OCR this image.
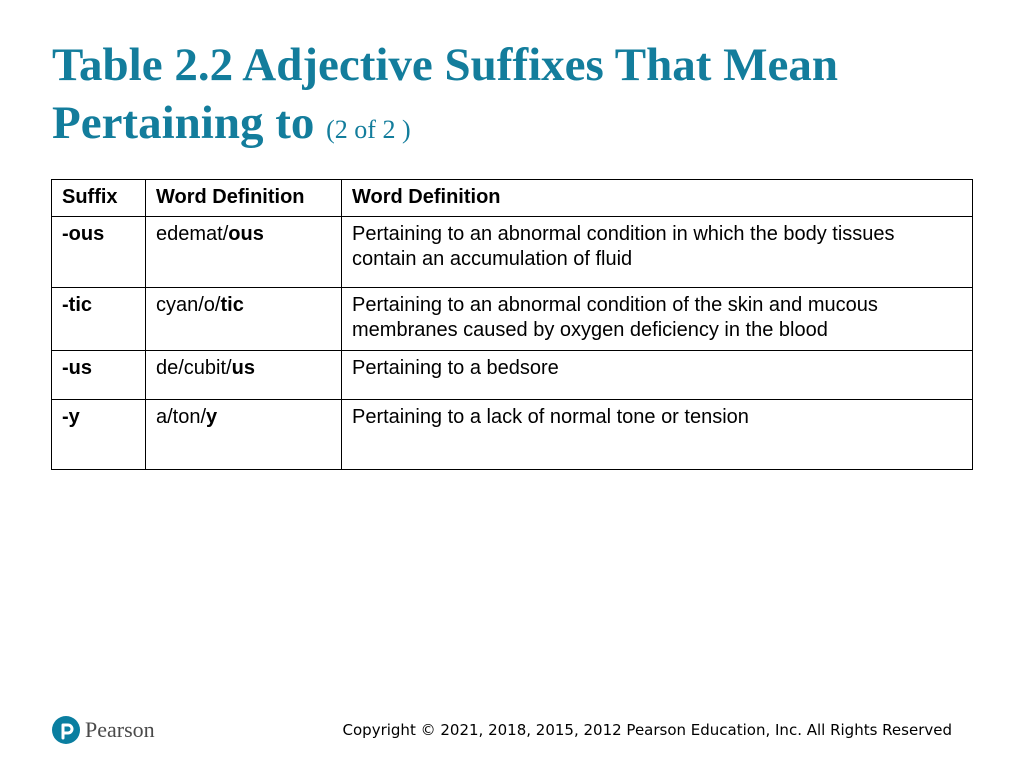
Table 2.2 Adjective Suffixes That Mean Pertaining to (2 of 2 )
Suffix	Word Definition	Word Definition
-ous	edemat/ous	Pertaining to an abnormal condition in which the body tissues contain an accumulation of fluid
-tic	cyan/o/tic	Pertaining to an abnormal condition of the skin and mucous membranes caused by oxygen deficiency in the blood
-us	de/cubit/us	Pertaining to a bedsore
-y	a/ton/y	Pertaining to a lack of normal tone or tension
Pearson	Copyright © 2021, 2018, 2015, 2012 Pearson Education, Inc. All Rights Reserved
